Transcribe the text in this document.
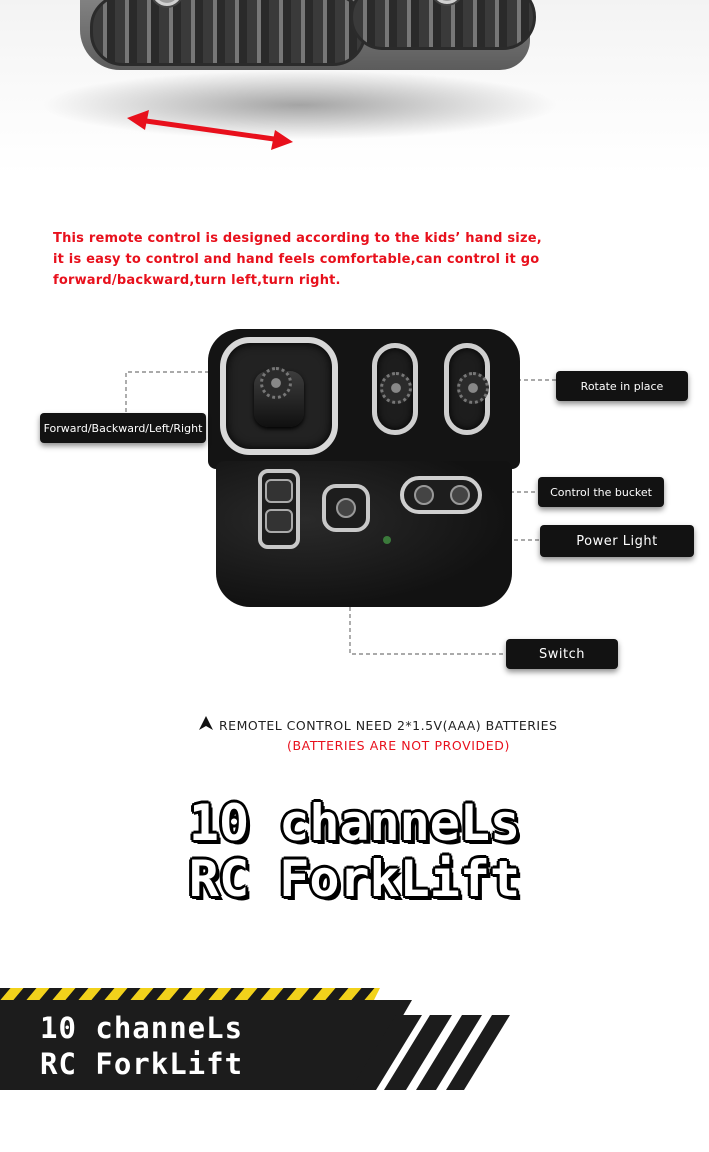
This remote control is designed according to the kids’ hand size,
it is easy to control and hand feels comfortable,can control it go
forward/backward,turn left,turn right.
Forward/Backward/Left/Right
Rotate in place
Control the bucket
Power Light
Switch
REMOTEL CONTROL NEED 2*1.5V(AAA) BATTERIES
(BATTERIES ARE NOT PROVIDED)
10 channeLs
RC ForkLift
10 channeLs
RC ForkLift
